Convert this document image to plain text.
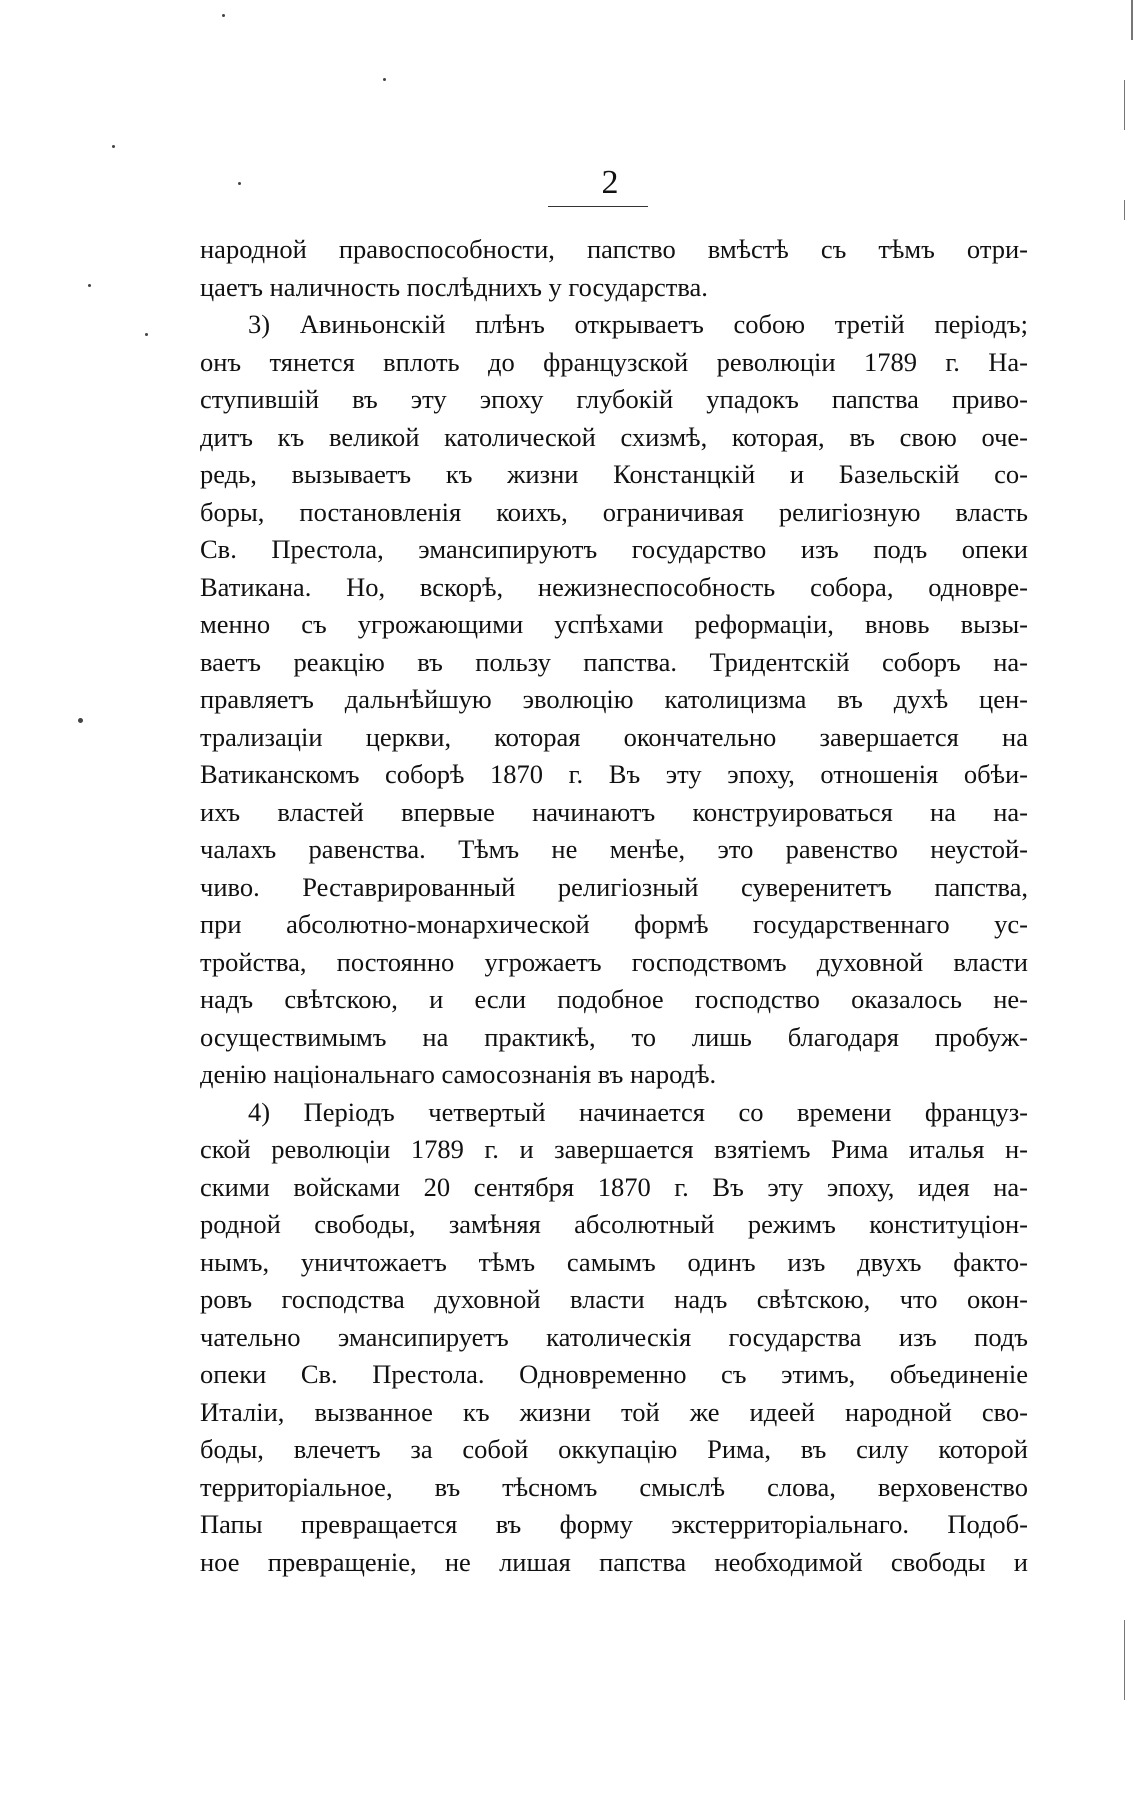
2
народной правоспособности, папство вмѣстѣ съ тѣмъ отри-
цаетъ наличность послѣднихъ у государства.
3) Авиньонскій плѣнъ открываетъ собою третій періодъ;
онъ тянется вплоть до французской революціи 1789 г. На-
ступившій въ эту эпоху глубокій упадокъ папства приво-
дитъ къ великой католической схизмѣ, которая, въ свою оче-
редь, вызываетъ къ жизни Констанцкій и Базельскій со-
боры, постановленія коихъ, ограничивая религіозную власть
Св. Престола, эмансипируютъ государство изъ подъ опеки
Ватикана. Но, вскорѣ, нежизнеспособность собора, одновре-
менно съ угрожающими успѣхами реформаціи, вновь вызы-
ваетъ реакцію въ пользу папства. Тридентскій соборъ на-
правляетъ дальнѣйшую эволюцію католицизма въ духѣ цен-
трализаціи церкви, которая окончательно завершается на
Ватиканскомъ соборѣ 1870 г. Въ эту эпоху, отношенія обѣи-
ихъ властей впервые начинаютъ конструироваться на на-
чалахъ равенства. Тѣмъ не менѣе, это равенство неустой-
чиво. Реставрированный религіозный суверенитетъ папства,
при абсолютно-монархической формѣ государственнаго ус-
тройства, постоянно угрожаетъ господствомъ духовной власти
надъ свѣтскою, и если подобное господство оказалось не-
осуществимымъ на практикѣ, то лишь благодаря пробуж-
денію національнаго самосознанія въ народѣ.
4) Періодъ четвертый начинается со времени француз-
ской революціи 1789 г. и завершается взятіемъ Рима италья н-
скими войсками 20 сентября 1870 г. Въ эту эпоху, идея на-
родной свободы, замѣняя абсолютный режимъ конституціон-
нымъ, уничтожаетъ тѣмъ самымъ одинъ изъ двухъ факто-
ровъ господства духовной власти надъ свѣтскою, что окон-
чательно эмансипируетъ католическія государства изъ подъ
опеки Св. Престола. Одновременно съ этимъ, объединеніе
Италіи, вызванное къ жизни той же идеей народной сво-
боды, влечетъ за собой оккупацію Рима, въ силу которой
территоріальное, въ тѣсномъ смыслѣ слова, верховенство
Папы превращается въ форму экстерриторіальнаго. Подоб-
ное превращеніе, не лишая папства необходимой свободы и
